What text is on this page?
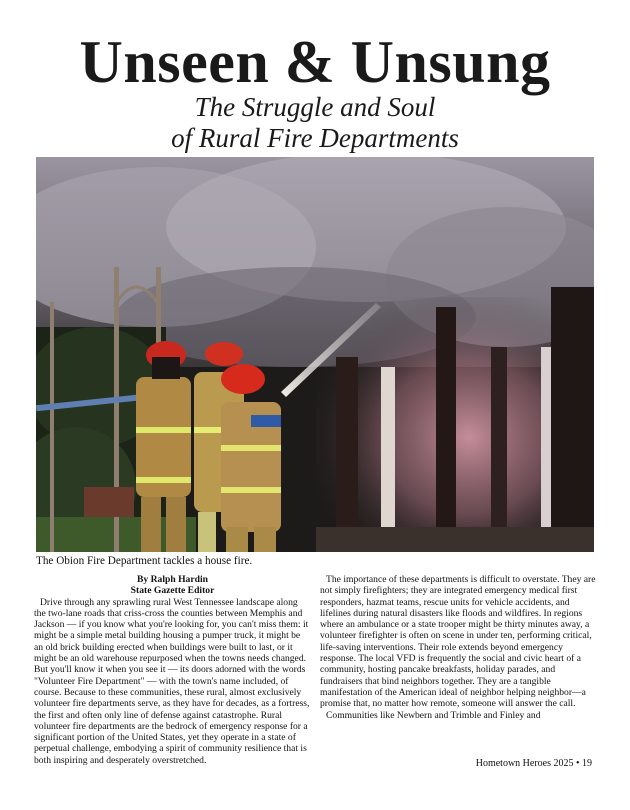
Unseen & Unsung
The Struggle and Soul
of Rural Fire Departments
The Obion Fire Department tackles a house fire.
By Ralph Hardin
State Gazette Editor

Drive through any sprawling rural West Tennessee landscape along the two-lane roads that criss-cross the counties between Memphis and Jackson — if you know what you're looking for, you can't miss them: it might be a simple metal building housing a pumper truck, it might be an old brick building erected when buildings were built to last, or it might be an old warehouse repurposed when the towns needs changed. But you'll know it when you see it — its doors adorned with the words "Volunteer Fire Department" — with the town's name included, of course. Because to these communities, these rural, almost exclusively volunteer fire departments serve, as they have for decades, as a fortress, the first and often only line of defense against catastrophe. Rural volunteer fire departments are the bedrock of emergency response for a significant portion of the United States, yet they operate in a state of perpetual challenge, embodying a spirit of community resilience that is both inspiring and desperately overstretched.

The importance of these departments is difficult to overstate. They are not simply firefighters; they are integrated emergency medical first responders, hazmat teams, rescue units for vehicle accidents, and lifelines during natural disasters like floods and wildfires. In regions where an ambulance or a state trooper might be thirty minutes away, a volunteer firefighter is often on scene in under ten, performing critical, life-saving interventions. Their role extends beyond emergency response. The local VFD is frequently the social and civic heart of a community, hosting pancake breakfasts, holiday parades, and fundraisers that bind neighbors together. They are a tangible manifestation of the American ideal of neighbor helping neighbor—a promise that, no matter how remote, someone will answer the call.

Communities like Newbern and Trimble and Finley and

Hometown Heroes 2025 • 19
